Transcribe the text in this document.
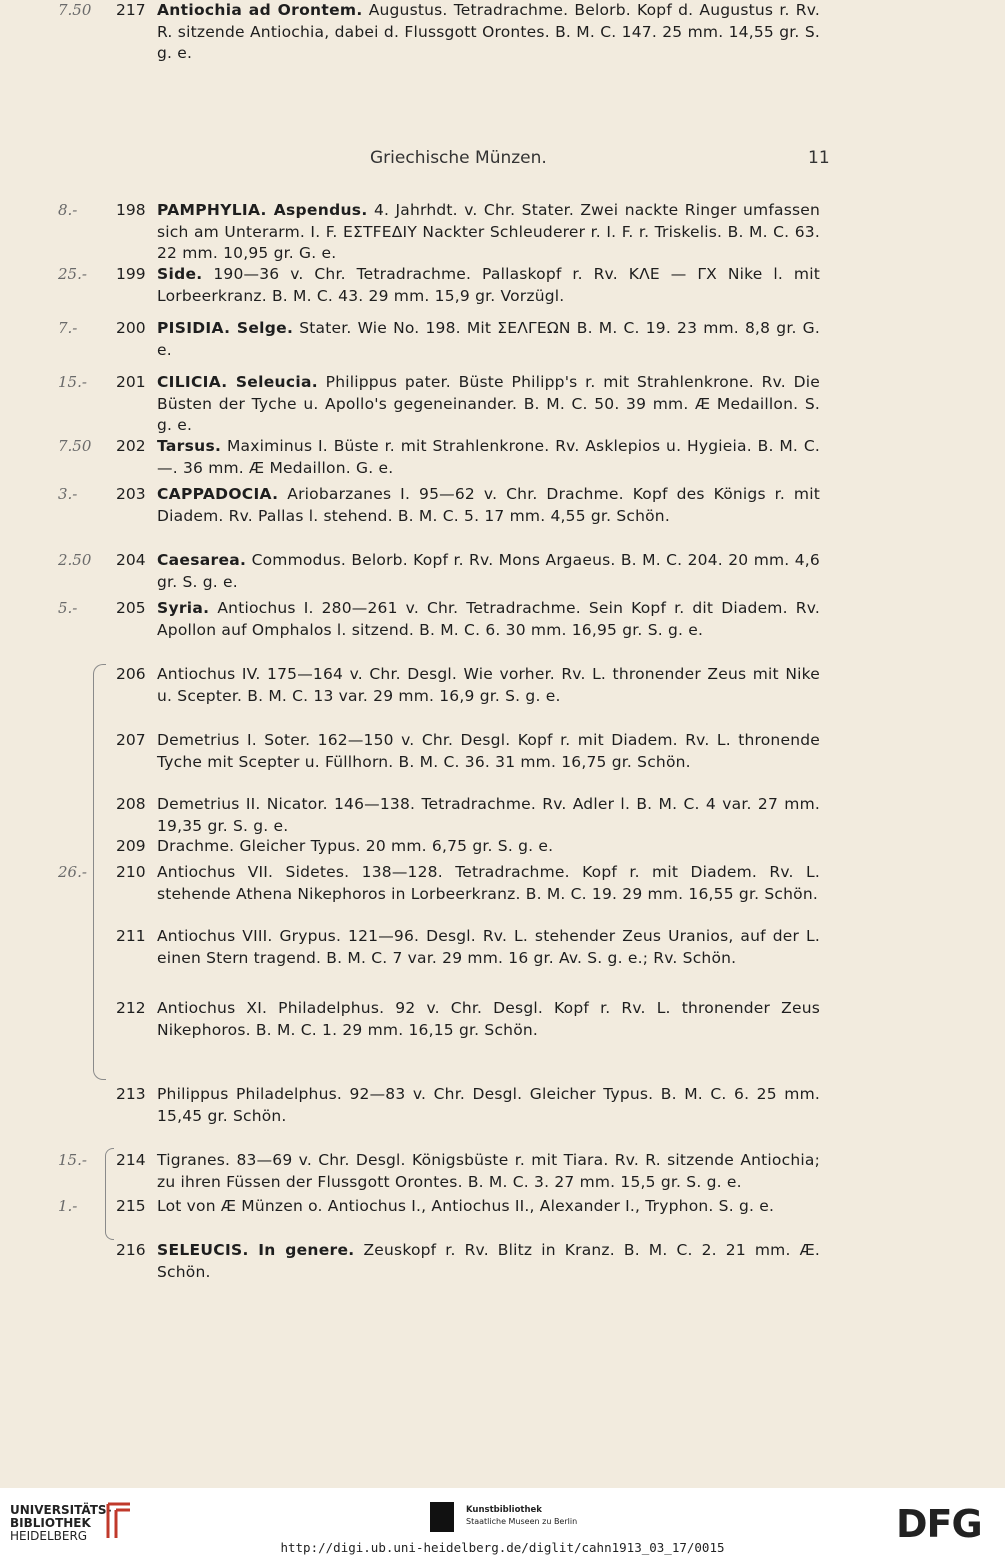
Griechische Münzen.	11
8.-	198 PAMPHYLIA. Aspendus. 4. Jahrhdt. v. Chr. Stater. Zwei nackte Ringer umfassen sich am Unterarm. I. F. ΕΣΤFΕΔΙΥ Nackter Schleuderer r. I. F. r. Triskelis. B. M. C. 63. 22 mm. 10,95 gr. G. e.
25.- 199 Side. 190—36 v. Chr. Tetradrachme. Pallaskopf r. Rv. ΚΛΕ — ΓΧ Nike l. mit Lorbeerkranz. B. M. C. 43. 29 mm. 15,9 gr. Vorzügl.
7.-	200 PISIDIA. Selge. Stater. Wie No. 198. Mit ΣΕΛΓΕΩΝ B. M. C. 19. 23 mm. 8,8 gr. G. e.
15.- 201 CILICIA. Seleucia. Philippus pater. Büste Philipp's r. mit Strahlenkrone. Rv. Die Büsten der Tyche u. Apollo's gegeneinander. B. M. C. 50. 39 mm. Æ Medaillon. S. g. e.
7.50 202 Tarsus. Maximinus I. Büste r. mit Strahlenkrone. Rv. Asklepios u. Hygieia. B. M. C. —. 36 mm. Æ Medaillon. G. e.
3.-	203 CAPPADOCIA. Ariobarzanes I. 95—62 v. Chr. Drachme. Kopf des Königs r. mit Diadem. Rv. Pallas l. stehend. B. M. C. 5. 17 mm. 4,55 gr. Schön.
2.50 204 Caesarea. Commodus. Belorb. Kopf r. Rv. Mons Argaeus. B. M. C. 204. 20 mm. 4,6 gr. S. g. e.
5.-	205 Syria. Antiochus I. 280—261 v. Chr. Tetradrachme. Sein Kopf r. dit Diadem. Rv. Apollon auf Omphalos l. sitzend. B. M. C. 6. 30 mm. 16,95 gr. S. g. e.
206 Antiochus IV. 175—164 v. Chr. Desgl. Wie vorher. Rv. L. thronender Zeus mit Nike u. Scepter. B. M. C. 13 var. 29 mm. 16,9 gr. S. g. e.
207 Demetrius I. Soter. 162—150 v. Chr. Desgl. Kopf r. mit Diadem. Rv. L. thronende Tyche mit Scepter u. Füllhorn. B. M. C. 36. 31 mm. 16,75 gr. Schön.
208 Demetrius II. Nicator. 146—138. Tetradrachme. Rv. Adler l. B. M. C. 4 var. 27 mm. 19,35 gr. S. g. e.
209 Drachme. Gleicher Typus. 20 mm. 6,75 gr. S. g. e.
26.- 210 Antiochus VII. Sidetes. 138—128. Tetradrachme. Kopf r. mit Diadem. Rv. L. stehende Athena Nikephoros in Lorbeerkranz. B. M. C. 19. 29 mm. 16,55 gr. Schön.
211 Antiochus VIII. Grypus. 121—96. Desgl. Rv. L. stehender Zeus Uranios, auf der L. einen Stern tragend. B. M. C. 7 var. 29 mm. 16 gr. Av. S. g. e.; Rv. Schön.
212 Antiochus XI. Philadelphus. 92 v. Chr. Desgl. Kopf r. Rv. L. thronender Zeus Nikephoros. B. M. C. 1. 29 mm. 16,15 gr. Schön.
213 Philippus Philadelphus. 92—83 v. Chr. Desgl. Gleicher Typus. B. M. C. 6. 25 mm. 15,45 gr. Schön.
15.- 214 Tigranes. 83—69 v. Chr. Desgl. Königsbüste r. mit Tiara. Rv. R. sitzende Antiochia; zu ihren Füssen der Flussgott Orontes. B. M. C. 3. 27 mm. 15,5 gr. S. g. e.
1.-	215 Lot von Æ Münzen o. Antiochus I., Antiochus II., Alexander I., Tryphon. S. g. e.
216 SELEUCIS. In genere. Zeuskopf r. Rv. Blitz in Kranz. B. M. C. 2. 21 mm. Æ. Schön.
7.50 217 Antiochia ad Orontem. Augustus. Tetradrachme. Belorb. Kopf d. Augustus r. Rv. R. sitzende Antiochia, dabei d. Flussgott Orontes. B. M. C. 147. 25 mm. 14,55 gr. S. g. e.
UNIVERSITÄTS-
BIBLIOTHEK
HEIDELBERG
Kunstbibliothek
Staatliche Museen zu Berlin	DFG
http://digi.ub.uni-heidelberg.de/diglit/cahn1913_03_17/0015
